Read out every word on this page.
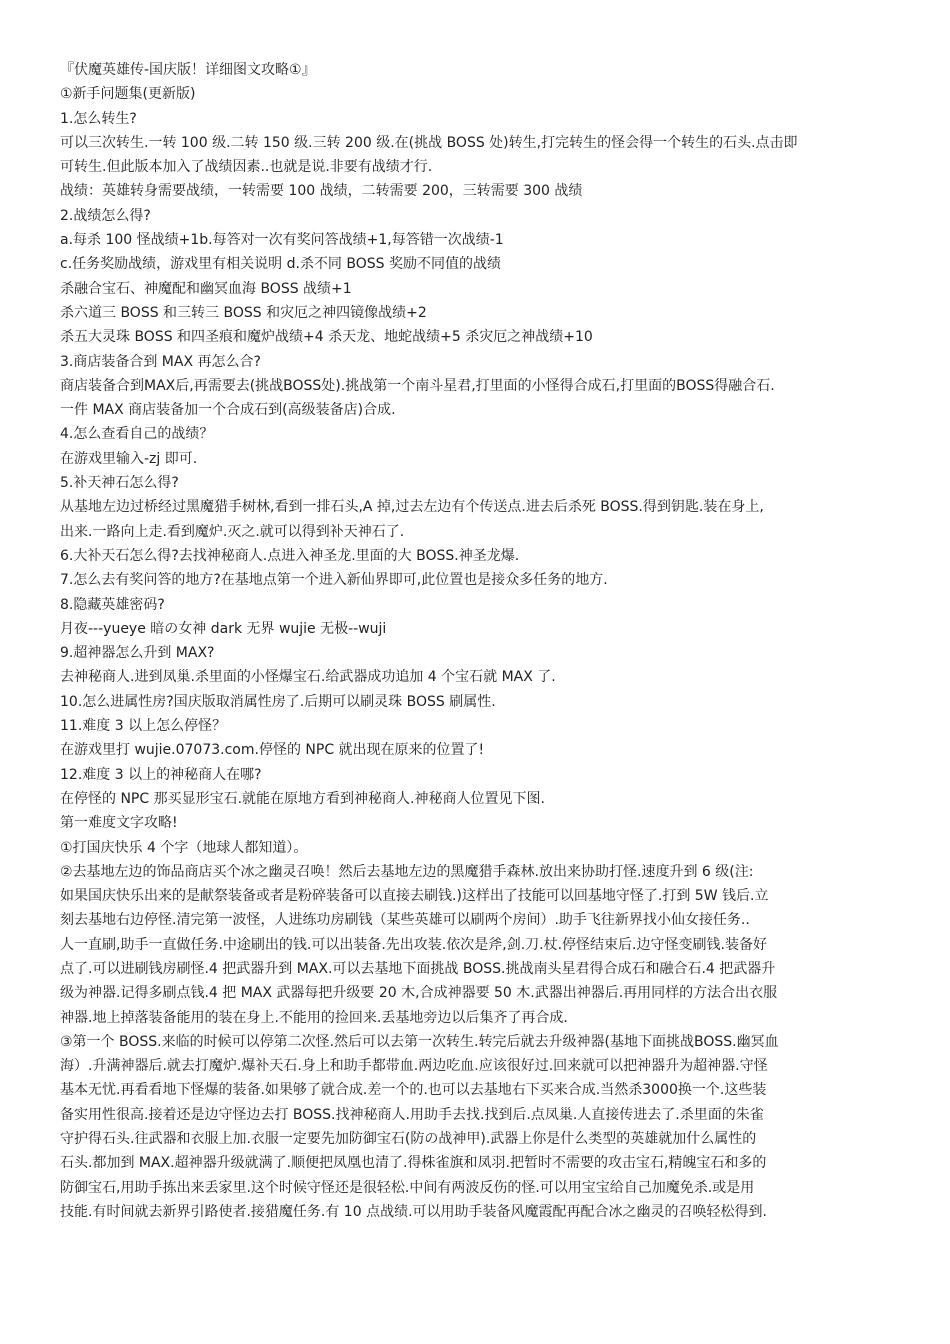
『伏魔英雄传-国庆版！详细图文攻略①』
①新手问题集(更新版)
1.怎么转生?
可以三次转生.一转 100 级.二转 150 级.三转 200 级.在(挑战 BOSS 处)转生,打完转生的怪会得一个转生的石头.点击即
可转生.但此版本加入了战绩因素..也就是说.非要有战绩才行.
战绩：英雄转身需要战绩，一转需要 100 战绩，二转需要 200，三转需要 300 战绩
2.战绩怎么得?
a.每杀 100 怪战绩+1b.每答对一次有奖问答战绩+1,每答错一次战绩-1
c.任务奖励战绩，游戏里有相关说明 d.杀不同 BOSS 奖励不同值的战绩
杀融合宝石、神魔配和幽冥血海 BOSS 战绩+1
杀六道三 BOSS 和三转三 BOSS 和灾厄之神四镜像战绩+2
杀五大灵珠 BOSS 和四圣痕和魔炉战绩+4 杀天龙、地蛇战绩+5 杀灾厄之神战绩+10
3.商店装备合到 MAX 再怎么合?
商店装备合到MAX后,再需要去(挑战BOSS处).挑战第一个南斗星君,打里面的小怪得合成石,打里面的BOSS得融合石.
一件 MAX 商店装备加一个合成石到(高级装备店)合成.
4.怎么查看自己的战绩？
在游戏里输入-zj 即可.
5.补天神石怎么得?
从基地左边过桥经过黑魔猎手树林,看到一排石头,A 掉,过去左边有个传送点.进去后杀死 BOSS.得到钥匙.装在身上,
出来.一路向上走.看到魔炉.灭之.就可以得到补天神石了.
6.大补天石怎么得?去找神秘商人.点进入神圣龙.里面的大 BOSS.神圣龙爆.
7.怎么去有奖问答的地方?在基地点第一个进入新仙界即可,此位置也是接众多任务的地方.
8.隐藏英雄密码?
月夜---yueye 暗の女神 dark 无界 wujie 无极--wuji
9.超神器怎么升到 MAX?
去神秘商人.进到凤巢.杀里面的小怪爆宝石.给武器成功追加 4 个宝石就 MAX 了.
10.怎么进属性房?国庆版取消属性房了.后期可以刷灵珠 BOSS 刷属性.
11.难度 3 以上怎么停怪？
在游戏里打 wujie.07073.com.停怪的 NPC 就出现在原来的位置了!
12.难度 3 以上的神秘商人在哪?
在停怪的 NPC 那买显形宝石.就能在原地方看到神秘商人.神秘商人位置见下图.
第一难度文字攻略!
①打国庆快乐 4 个字（地球人都知道）。
②去基地左边的饰品商店买个冰之幽灵召唤！然后去基地左边的黑魔猎手森林.放出来协助打怪.速度升到 6 级(注:
如果国庆快乐出来的是献祭装备或者是粉碎装备可以直接去刷钱.)这样出了技能可以回基地守怪了.打到 5W 钱后.立
刻去基地右边停怪.清完第一波怪，人进练功房刷钱（某些英雄可以刷两个房间）.助手飞往新界找小仙女接任务..
人一直刷,助手一直做任务.中途刷出的钱.可以出装备.先出攻装.依次是斧,剑.刀.杖.停怪结束后.边守怪变刷钱.装备好
点了.可以进刷钱房刷怪.4 把武器升到 MAX.可以去基地下面挑战 BOSS.挑战南头星君得合成石和融合石.4 把武器升
级为神器.记得多刷点钱.4 把 MAX 武器每把升级要 20 木,合成神器要 50 木.武器出神器后.再用同样的方法合出衣服
神器.地上掉落装备能用的装在身上.不能用的捡回来.丢基地旁边以后集齐了再合成.
③第一个 BOSS.来临的时候可以停第二次怪.然后可以去第一次转生.转完后就去升级神器(基地下面挑战BOSS.幽冥血
海）.升满神器后.就去打魔炉.爆补天石.身上和助手都带血.两边吃血.应该很好过.回来就可以把神器升为超神器.守怪
基本无忧.再看看地下怪爆的装备.如果够了就合成.差一个的.也可以去基地右下买来合成.当然杀3000换一个.这些装
备实用性很高.接着还是边守怪边去打 BOSS.找神秘商人.用助手去找.找到后.点凤巢.人直接传进去了.杀里面的朱雀
守护得石头.往武器和衣服上加.衣服一定要先加防御宝石(防の战神甲).武器上你是什么类型的英雄就加什么属性的
石头.都加到 MAX.超神器升级就满了.顺便把凤凰也清了.得株雀旗和凤羽.把暂时不需要的攻击宝石,精魄宝石和多的
防御宝石,用助手拣出来丢家里.这个时候守怪还是很轻松.中间有两波反伤的怪.可以用宝宝给自己加魔免杀.或是用
技能.有时间就去新界引路使者.接猎魔任务.有 10 点战绩.可以用助手装备风魔霞配再配合冰之幽灵的召唤轻松得到.
